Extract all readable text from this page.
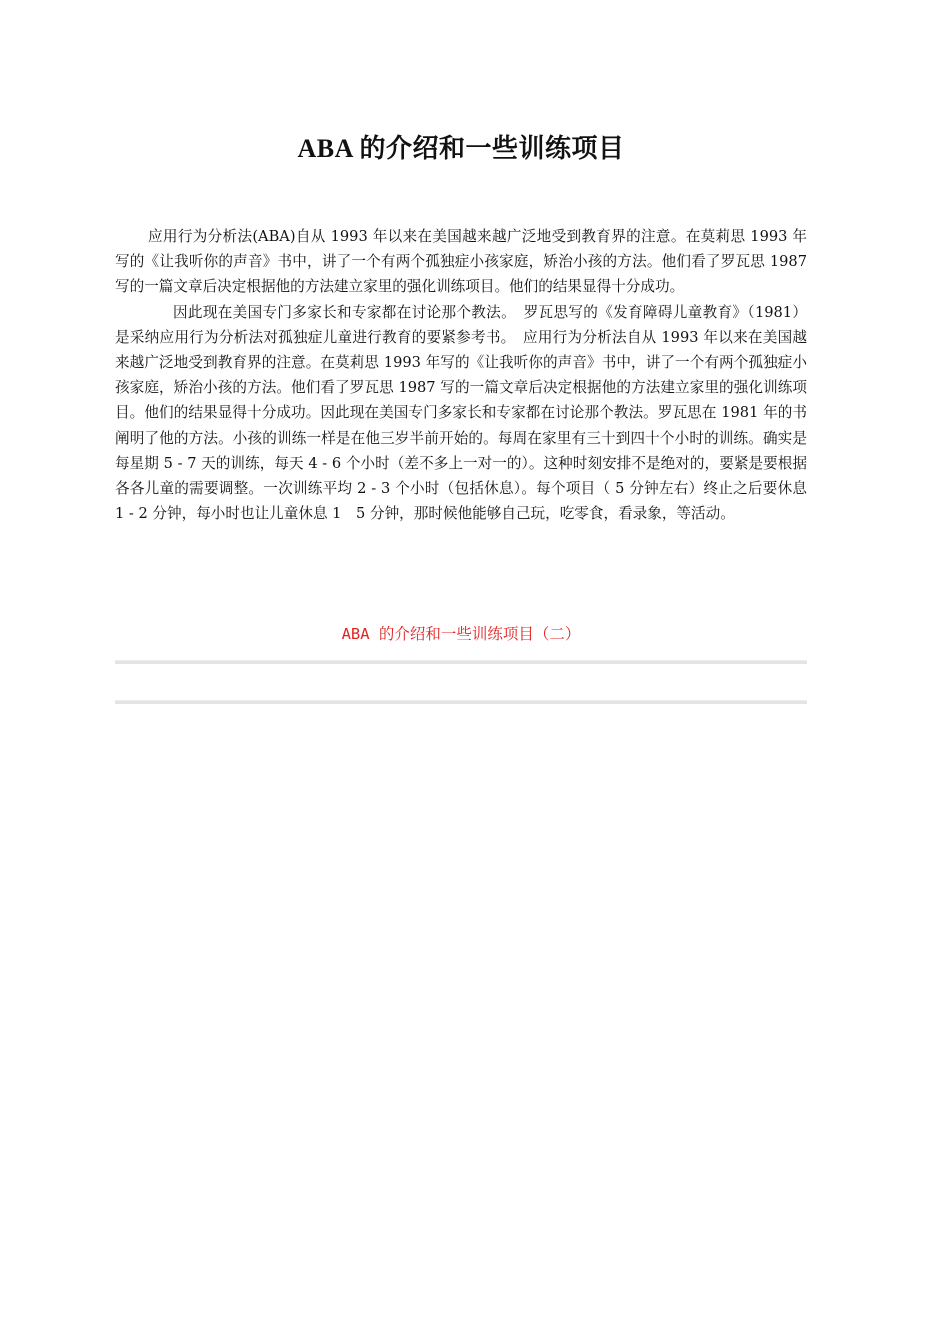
ABA 的介绍和一些训练项目

应用行为分析法(ABA)自从 1993 年以来在美国越来越广泛地受到教育界的注意。在莫莉思 1993 年写的《让我听你的声音》书中，讲了一个有两个孤独症小孩家庭，矫治小孩的方法。他们看了罗瓦思 1987 写的一篇文章后决定根据他的方法建立家里的强化训练项目。他们的结果显得十分成功。

因此现在美国专门多家长和专家都在讨论那个教法。　罗瓦思写的《发育障碍儿童教育》（1981）是采纳应用行为分析法对孤独症儿童进行教育的要紧参考书。　应用行为分析法自从 1993 年以来在美国越来越广泛地受到教育界的注意。在莫莉思 1993 年写的《让我听你的声音》书中，讲了一个有两个孤独症小孩家庭，矫治小孩的方法。他们看了罗瓦思 1987 写的一篇文章后决定根据他的方法建立家里的强化训练项目。他们的结果显得十分成功。因此现在美国专门多家长和专家都在讨论那个教法。罗瓦思在 1981 年的书阐明了他的方法。小孩的训练一样是在他三岁半前开始的。每周在家里有三十到四十个小时的训练。确实是每星期 5 - 7 天的训练，每天 4 - 6 个小时（差不多上一对一的）。这种时刻安排不是绝对的，要紧是要根据各各儿童的需要调整。一次训练平均 2 - 3 个小时（包括休息）。每个项目（ 5 分钟左右）终止之后要休息 1 - 2 分钟，每小时也让儿童休息 1　5 分钟，那时候他能够自己玩，吃零食，看录象，等活动。

ABA 的介绍和一些训练项目（二）
